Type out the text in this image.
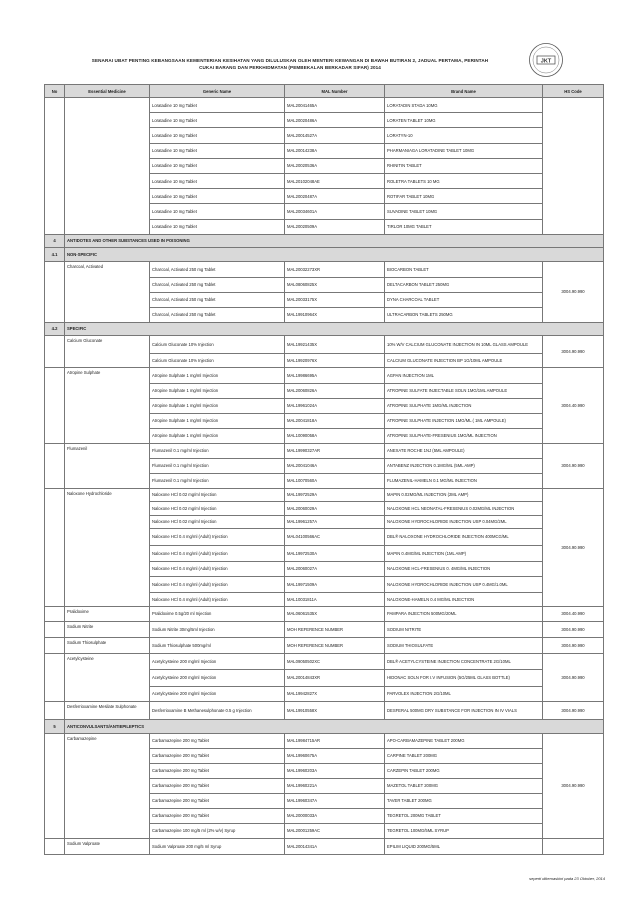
SENARAI UBAT PENTING KEBANGSAAN KEMENTERIAN KESIHATAN YANG DILULUSKAN OLEH MENTERI KEWANGAN DI BAWAH BUTIRAN 2, JADUAL PERTAMA, PERINTAH
CUKAI BARANG DAN PERKHIDMATAN (PEMBEKALAN BERKADAR SIFAR) 2014
JKT
No	Essential Medicine	Generic Name	MAL Number	Brand Name	HS Code
		Loratadine 10 mg Tablet	MAL20041465A	LORATADIN STADA 10MG	
		Loratadine 10 mg Tablet	MAL20020486A	LORATEN TABLET 10MG	
		Loratadine 10 mg Tablet	MAL20014527A	LORATYN-10	
		Loratadine 10 mg Tablet	MAL20014238A	PHARMANIAGA LORATADINE TABLET 10MG	
		Loratadine 10 mg Tablet	MAL20020536A	RHINITIN TABLET	
		Loratadine 10 mg Tablet	MAL20102048AE	ROLETRA TABLETS 10 MG	
		Loratadine 10 mg Tablet	MAL20020487A	ROTIFAR TABLET 10MG	
		Loratadine 10 mg Tablet	MAL20034601A	SUVADINE TABLET 10MG	
		Loratadine 10 mg Tablet	MAL20020509A	TIRLOR 10MG TABLET	
4	ANTIDOTES AND OTHER SUBSTANCES USED IN POISONING				
4.1	NON-SPECIFIC				
	Charcoal, Activated	Charcoal, Activated 250 mg Tablet	MAL20032273XR	BIOCARBON TABLET	3004.90.990
		Charcoal, Activated 250 mg Tablet	MAL08060825X	DELTACARBON TABLET 250MG	
		Charcoal, Activated 250 mg Tablet	MAL20033175X	DYNA CHARCOAL TABLET	
		Charcoal, Activated 250 mg Tablet	MAL19910964X	ULTRACARBON TABLETS 250MG	
4.2	SPECIFIC				
	Calcium Gluconate	Calcium Gluconate 10% Injection	MAL19921435X	10% W/V CALCIUM GLUCONATE INJECTION IN 10ML GLASS AMPOULE	3004.90.990
		Calcium Gluconate 10% Injection	MAL19920976X	CALCIUM GLUCONATE INJECTION BP 1G/10ML AMPOULE	
	Atropine Sulphate	Atropine Sulphate 1 mg/ml Injection	MAL19986695A	AGPAN INJECTION 1ML	3004.40.990
		Atropine Sulphate 1 mg/ml Injection	MAL20060826A	ATROPINE SULFATE INJECTABLE SOLN 1MG/1ML AMPOULE	
		Atropine Sulphate 1 mg/ml Injection	MAL19961024A	ATROPINE SULPHATE 1MG/ML INJECTION	
		Atropine Sulphate 1 mg/ml Injection	MAL20041818A	ATROPINE SULPHATE INJECTION 1MG/ML ( 1ML AMPOULE)	
		Atropine Sulphate 1 mg/ml Injection	MAL10090058A	ATROPINE SULPHATE-FRESENIUS 1MG/ML INJECTION	
	Flumazenil	Flumazenil 0.1 mg/ml Injection	MAL19990327AR	ANEXATE ROCHE 1NJ (5ML AMPOULE)	3004.90.990
		Flumazenil 0.1 mg/ml Injection	MAL20041046A	ANTABENZ INJECTION 0.1MG/ML (5ML AMP)	
		Flumazenil 0.1 mg/ml Injection	MAL10070560A	FLUMAZENIL-HAMELN 0.1 MG/ML INJECTION	
	Naloxone Hydrochloride	Naloxone HCl 0.02 mg/ml Injection	MAL19972529A	MAPIN 0.02MG/ML INJECTION (2ML AMP)	3004.90.990
		Naloxone HCl 0.02 mg/ml Injection	MAL20060029A	NALOXONE HCL NEONATAL-FRESENIUS 0.02MG/ML INJECTION	
		Naloxone HCl 0.02 mg/ml Injection	MAL19961257A	NALOXONE HYDROCHLORIDE INJECTION USP 0.04MG/2ML	
		Naloxone HCl 0.4 mg/ml (Adult) Injection	MAL04100566AC	DBL® NALOXONE HYDROCHLORIDE INJECTION 400MCG/ML	
		Naloxone HCl 0.4 mg/ml (Adult) Injection	MAL19972530A	MAPIN 0.4MG/ML INJECTION (1ML AMP)	
		Naloxone HCl 0.4 mg/ml (Adult) Injection	MAL20060027A	NALOXONE HCL-FRESENIUS 0. 4MG/ML INJECTION	
		Naloxone HCl 0.4 mg/ml (Adult) Injection	MAL19971509A	NALOXONE HYDROCHLORIDE INJECTION USP 0.4MG/1.0ML	
		Naloxone HCl 0.4 mg/ml (Adult) Injection	MAL10031811A	NALOXONE-HAMELN 0.4 MG/ML INJECTION	
	Pralidoxime	Pralidoxime 0.5g/20 ml Injection	MAL06061535X	PAMPARA INJECTION 500MG/20ML	3004.40.990
	Sodium Nitrite	Sodium Nitrite 30mg/5ml Injection	MOH REFERENCE NUMBER	SODIUM NITRITE	3004.90.990
	Sodium Thiosulphate	Sodium Thiosulphate 500mg/ml	MOH REFERENCE NUMBER	SODIUM THIOSULFATE	3004.90.990
	Acetylcysteine	Acetylcysteine 200 mg/ml Injection	MAL09050502XC	DBL® ACETYLCYSTEINE INJECTION CONCENTRATE 2G/10ML	3004.90.990
		Acetylcysteine 200 mg/ml Injection	MAL20014843XR	HIDONAC SOLN FOR I.V INFUSION (5G/25ML GLASS BOTTLE)	
		Acetylcysteine 200 mg/ml Injection	MAL19942827X	PARVOLEX INJECTION 2G/10ML	
	Desferrioxamine Mesilate Sulphonate	Desferrioxamine B Methanesulphonate 0.5 g Injection	MAL19910558X	DESFERAL 500MG DRY SUBSTANCE FOR INJECTION IN IV VIALS	3004.90.990
5	ANTICONVULSANTS/ANTIEPILEPTICS				
	Carbamazepine	Carbamazepine 200 mg Tablet	MAL19984715AR	APO-CARBAMAZEPINE TABLET 200MG	3004.90.990
		Carbamazepine 200 mg Tablet	MAL19960675A	CARPINE TABLET 200MG	
		Carbamazepine 200 mg Tablet	MAL19960203A	CARZEPIN TABLET 200MG	
		Carbamazepine 200 mg Tablet	MAL19960221A	MAZETOL TABLET 200MG	
		Carbamazepine 200 mg Tablet	MAL19960347A	TAVER TABLET 200MG	
		Carbamazepine 200 mg Tablet	MAL20000033A	TEGRETOL 200MG TABLET	
		Carbamazepine 100 mg/5 ml (2% w/v) Syrup	MAL20001259AC	TEGRETOL 100MG/5ML SYRUP	
	Sodium Valproate	Sodium Valproate 200 mg/5 ml Syrup	MAL20014341A	EPILIM LIQUID 200MG/5ML	
seperti dikemaskini pada 23 Oktober, 2014
